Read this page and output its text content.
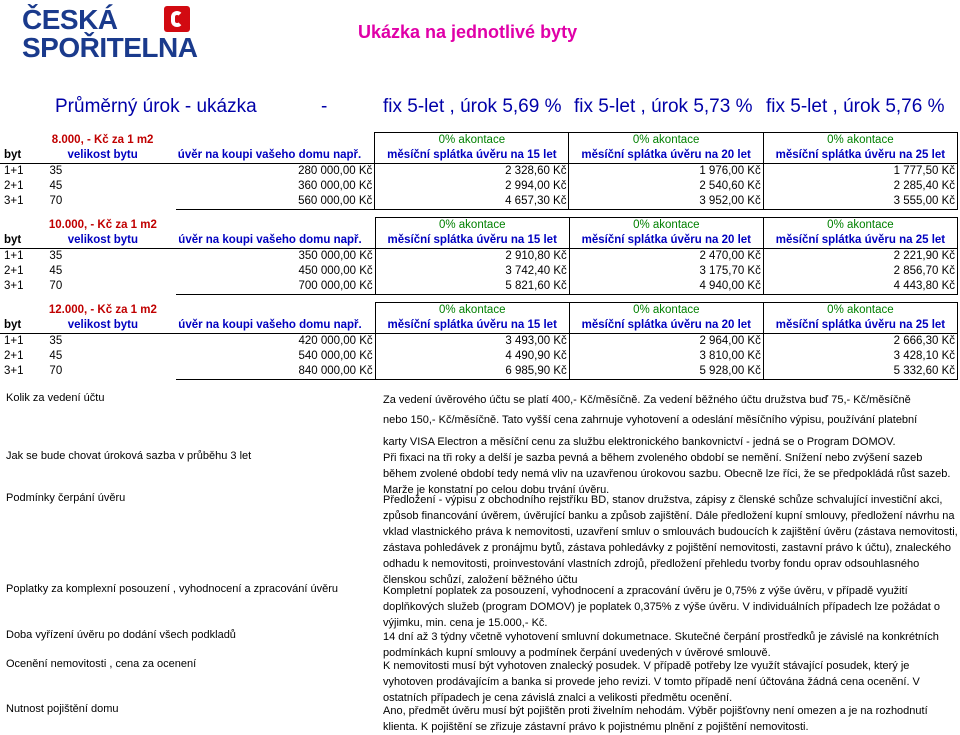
ČESKÁ
SPOŘITELNA	Ukázka na jednotlivé byty
Průměrný úrok - ukázka	-	fix 5-let , úrok 5,69 % fix 5-let , úrok 5,73 % fix 5-let , úrok 5,76 %
	8.000, - Kč za 1 m2		0% akontace	0% akontace	0% akontace
byt	velikost bytu	úvěr na koupi vašeho domu např.	měsíční splátka úvěru na 15 let	měsíční splátka úvěru na 20 let	měsíční splátka úvěru na 25 let
1+1	35	280 000,00 Kč	2 328,60 Kč	1 976,00 Kč	1 777,50 Kč
2+1	45	360 000,00 Kč	2 994,00 Kč	2 540,60 Kč	2 285,40 Kč
3+1	70	560 000,00 Kč	4 657,30 Kč	3 952,00 Kč	3 555,00 Kč
	10.000, - Kč za 1 m2		0% akontace	0% akontace	0% akontace
byt	velikost bytu	úvěr na koupi vašeho domu např.	měsíční splátka úvěru na 15 let	měsíční splátka úvěru na 20 let	měsíční splátka úvěru na 25 let
1+1	35	350 000,00 Kč	2 910,80 Kč	2 470,00 Kč	2 221,90 Kč
2+1	45	450 000,00 Kč	3 742,40 Kč	3 175,70 Kč	2 856,70 Kč
3+1	70	700 000,00 Kč	5 821,60 Kč	4 940,00 Kč	4 443,80 Kč
	12.000, - Kč za 1 m2		0% akontace	0% akontace	0% akontace
byt	velikost bytu	úvěr na koupi vašeho domu např.	měsíční splátka úvěru na 15 let	měsíční splátka úvěru na 20 let	měsíční splátka úvěru na 25 let
1+1	35	420 000,00 Kč	3 493,00 Kč	2 964,00 Kč	2 666,30 Kč
2+1	45	540 000,00 Kč	4 490,90 Kč	3 810,00 Kč	3 428,10 Kč
3+1	70	840 000,00 Kč	6 985,90 Kč	5 928,00 Kč	5 332,60 Kč
Kolik za vedení účtu	Za vedení úvěrového účtu se platí 400,- Kč/měsíčně. Za vedení běžného účtu družstva buď 75,- Kč/měsíčně
nebo 150,- Kč/měsíčně. Tato vyšší cena zahrnuje vyhotovení a odeslání měsíčního výpisu, používání platební
karty VISA Electron a měsíční cenu za službu elektronického bankovnictví - jedná se o Program DOMOV.
Jak se bude chovat úroková sazba v průběhu 3 let	Při fixaci na tři roky a delší je sazba pevná a během zvoleného období se nemění. Snížení nebo zvýšení sazeb během zvolené období tedy nemá vliv na uzavřenou úrokovou sazbu. Obecně lze říci, že se předpokládá růst sazeb. Marže je konstatní po celou dobu trvání úvěru.
Podmínky čerpání úvěru	Předložení - výpisu z obchodního rejstříku BD, stanov družstva, zápisy z členské schůze schvalující investiční akci, způsob financování úvěrem, úvěrující banku a způsob zajištění. Dále předložení kupní smlouvy, předložení návrhu na vklad vlastnického práva k nemovitosti, uzavření smluv o smlouvách budoucích k zajištění úvěru (zástava nemovitosti, zástava pohledávek z pronájmu bytů, zástava pohledávky z pojištění nemovitosti, zastavní právo k účtu), znaleckého odhadu k nemovitosti, proinvestování vlastních zdrojů, předložení přehledu tvorby fondu oprav odsouhlasného členskou schůzí, založení běžného účtu
Poplatky za komplexní posouzení , vyhodnocení a zpracování úvěru	Kompletní poplatek za posouzení, vyhodnocení a zpracování úvěru je 0,75% z výše úvěru, v případě využití doplňkových služeb (program DOMOV) je poplatek 0,375% z výše úvěru. V individuálních případech lze požádat o výjimku, min. cena je 15.000,- Kč.
Doba vyřízení úvěru po dodání všech podkladů	14 dní až 3 týdny včetně vyhotovení smluvní dokumetnace. Skutečné čerpání prostředků je závislé na konkrétních podmínkách kupní smlouvy a podmínek čerpání uvedených v úvěrové smlouvě.
Ocenění nemovitosti , cena za ocenení	K nemovitosti musí být vyhotoven znalecký posudek. V případě potřeby lze využít stávající posudek, který je vyhotoven prodávajícím a banka si provede jeho revizi. V tomto případě není účtována žádná cena ocenění. V ostatních případech je cena závislá znalci a velikosti předmětu ocenění.
Nutnost pojištění domu	Ano, předmět úvěru musí být pojištěn proti živelním nehodám. Výběr pojišťovny není omezen a je na rozhodnutí klienta. K pojištění se zřizuje zástavní právo k pojistnému plnění z pojištění nemovitosti.
